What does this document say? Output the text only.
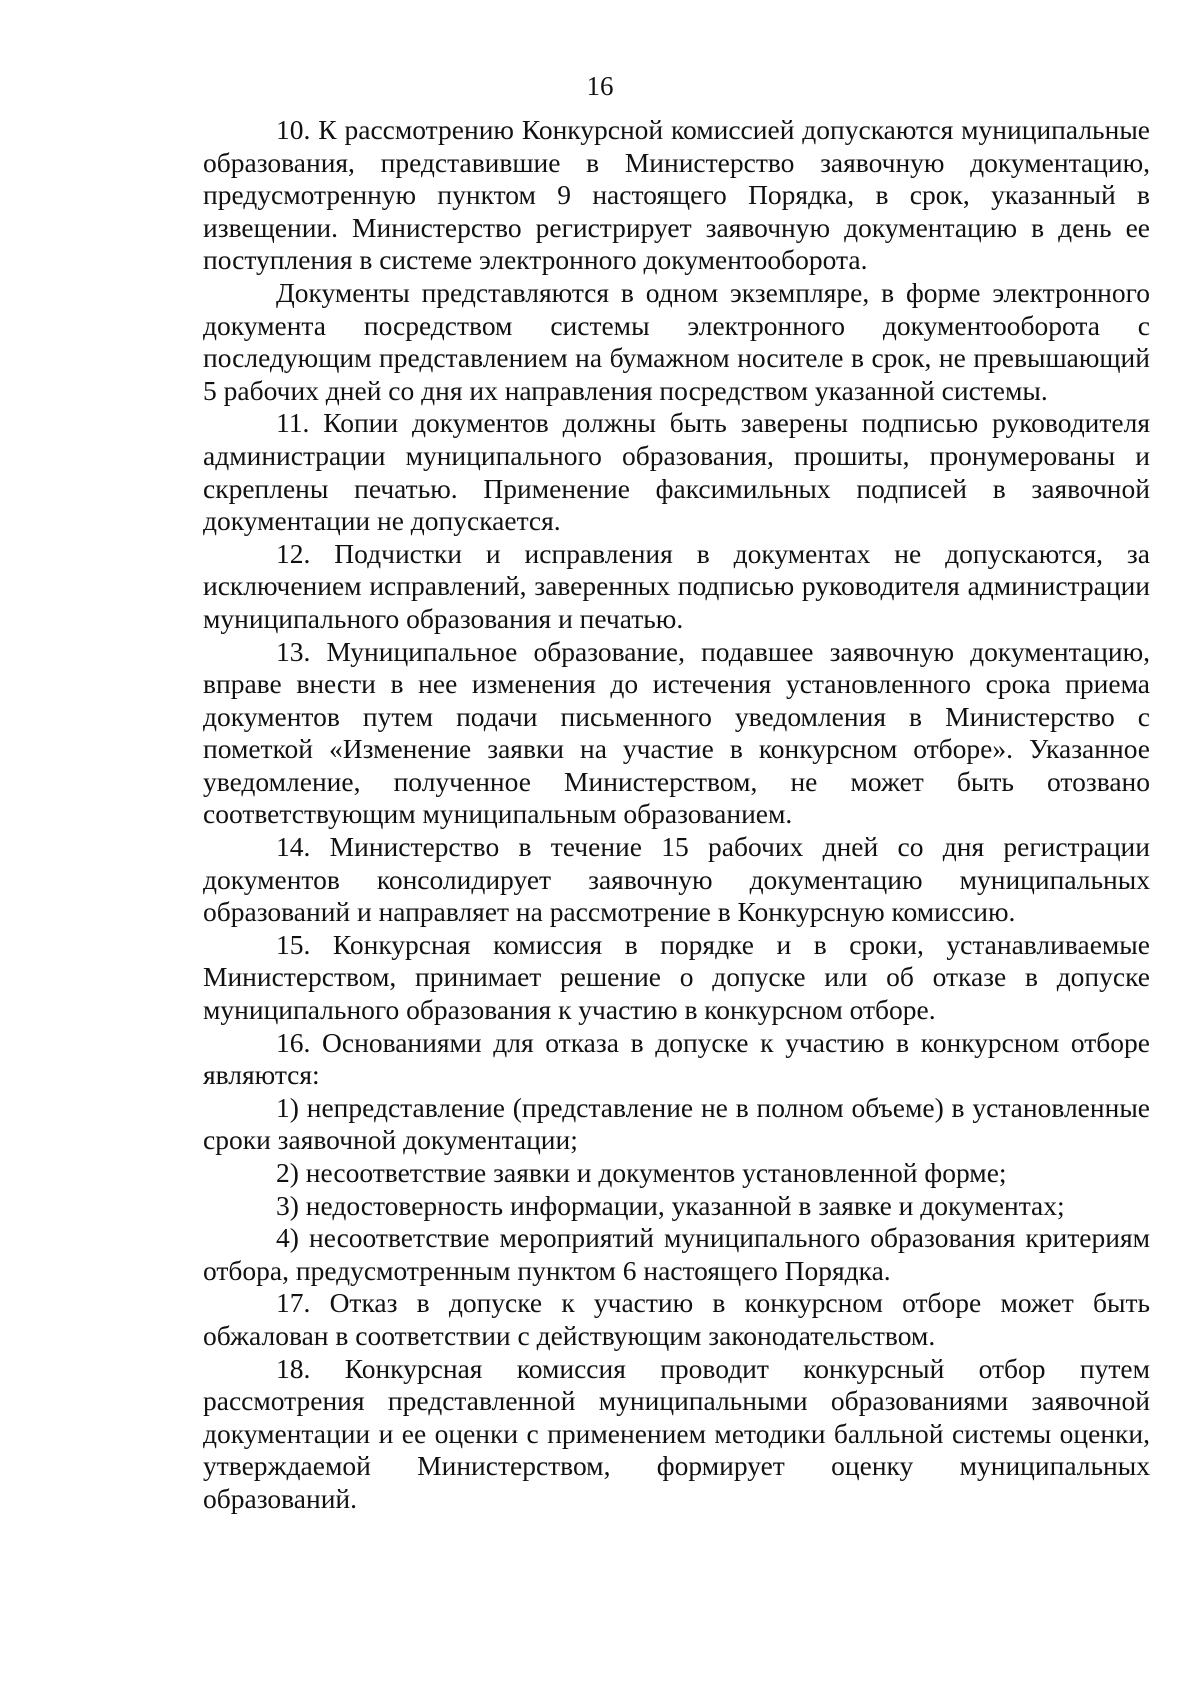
16

10. К рассмотрению Конкурсной комиссией допускаются муниципальные образования, представившие в Министерство заявочную документацию, предусмотренную пунктом 9 настоящего Порядка, в срок, указанный в извещении. Министерство регистрирует заявочную документацию в день ее поступления в системе электронного документооборота.

Документы представляются в одном экземпляре, в форме электронного документа посредством системы электронного документооборота с последующим представлением на бумажном носителе в срок, не превышающий 5 рабочих дней со дня их направления посредством указанной системы.

11. Копии документов должны быть заверены подписью руководителя администрации муниципального образования, прошиты, пронумерованы и скреплены печатью. Применение факсимильных подписей в заявочной документации не допускается.

12. Подчистки и исправления в документах не допускаются, за исключением исправлений, заверенных подписью руководителя администрации муниципального образования и печатью.

13. Муниципальное образование, подавшее заявочную документацию, вправе внести в нее изменения до истечения установленного срока приема документов путем подачи письменного уведомления в Министерство с пометкой «Изменение заявки на участие в конкурсном отборе». Указанное уведомление, полученное Министерством, не может быть отозвано соответствующим муниципальным образованием.

14. Министерство в течение 15 рабочих дней со дня регистрации документов консолидирует заявочную документацию муниципальных образований и направляет на рассмотрение в Конкурсную комиссию.

15. Конкурсная комиссия в порядке и в сроки, устанавливаемые Министерством, принимает решение о допуске или об отказе в допуске муниципального образования к участию в конкурсном отборе.

16. Основаниями для отказа в допуске к участию в конкурсном отборе являются:

1) непредставление (представление не в полном объеме) в установленные сроки заявочной документации;

2) несоответствие заявки и документов установленной форме;

3) недостоверность информации, указанной в заявке и документах;

4) несоответствие мероприятий муниципального образования критериям отбора, предусмотренным пунктом 6 настоящего Порядка.

17. Отказ в допуске к участию в конкурсном отборе может быть обжалован в соответствии с действующим законодательством.

18. Конкурсная комиссия проводит конкурсный отбор путем рассмотрения представленной муниципальными образованиями заявочной документации и ее оценки с применением методики балльной системы оценки, утверждаемой Министерством, формирует оценку муниципальных образований.
